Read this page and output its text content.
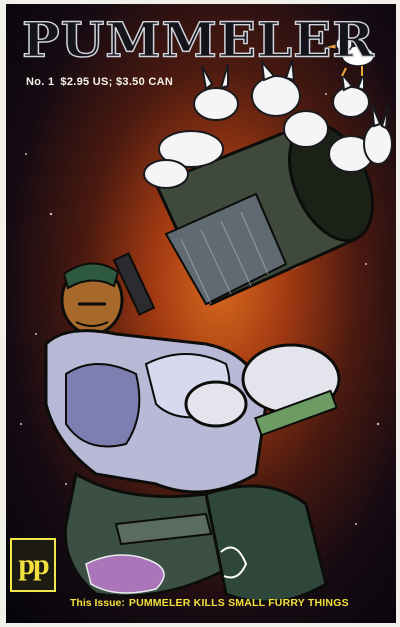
PUMMELER
No. 1 $2.95 US; $3.50 CAN
pp
This Issue: PUMMELER KILLS SMALL FURRY THINGS
